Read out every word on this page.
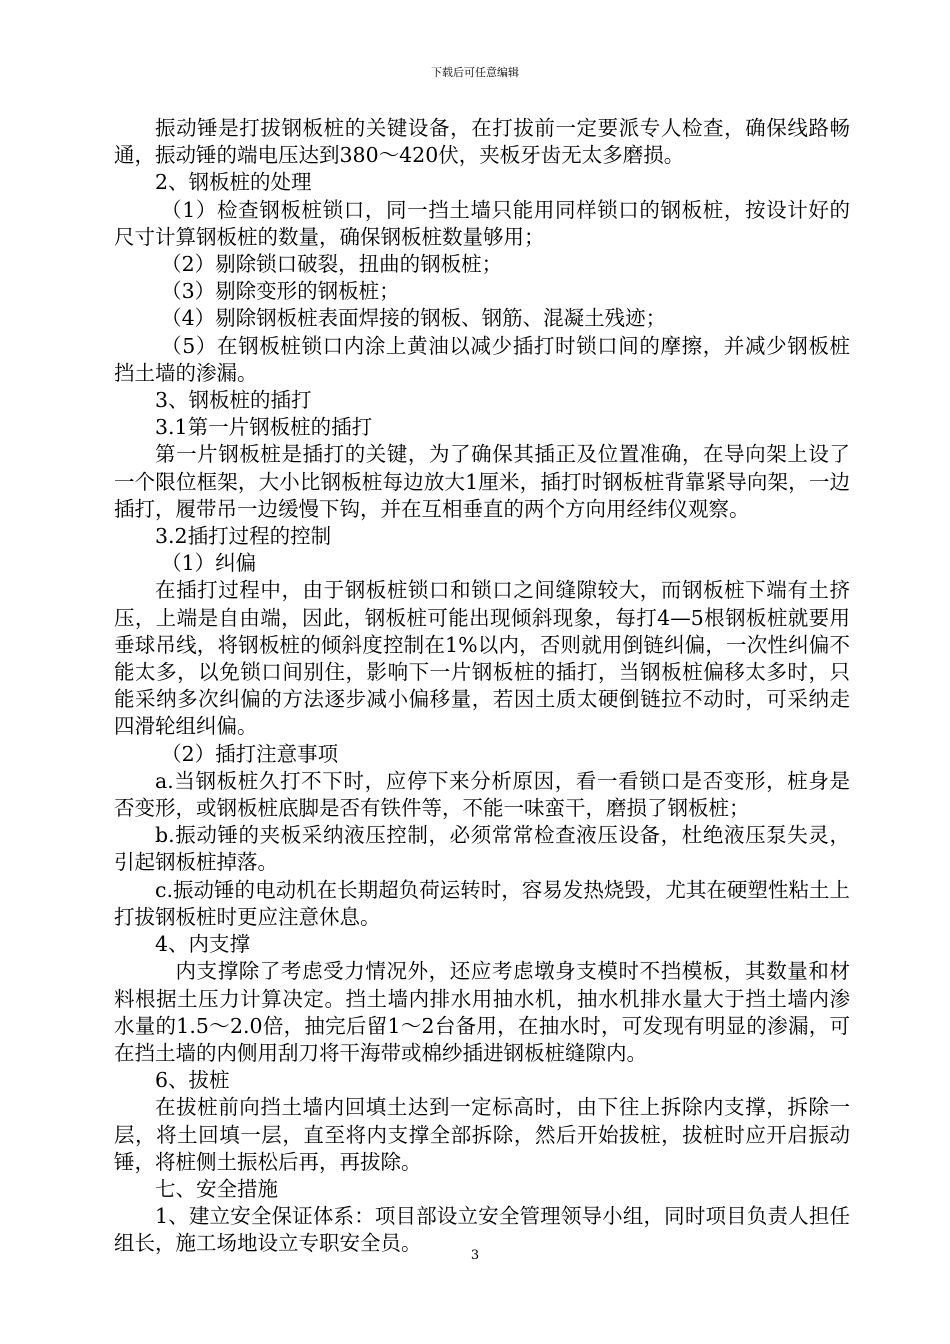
下载后可任意编辑

振动锤是打拔钢板桩的关键设备，在打拔前一定要派专人检查，确保线路畅通，振动锤的端电压达到380～420伏，夹板牙齿无太多磨损。

2、钢板桩的处理

（1）检查钢板桩锁口，同一挡土墙只能用同样锁口的钢板桩，按设计好的尺寸计算钢板桩的数量，确保钢板桩数量够用；

（2）剔除锁口破裂，扭曲的钢板桩；

（3）剔除变形的钢板桩；

（4）剔除钢板桩表面焊接的钢板、钢筋、混凝土残迹；

（5）在钢板桩锁口内涂上黄油以减少插打时锁口间的摩擦，并减少钢板桩挡土墙的渗漏。

3、钢板桩的插打

3.1第一片钢板桩的插打

第一片钢板桩是插打的关键，为了确保其插正及位置准确，在导向架上设了一个限位框架，大小比钢板桩每边放大1厘米，插打时钢板桩背靠紧导向架，一边插打，履带吊一边缓慢下钩，并在互相垂直的两个方向用经纬仪观察。

3.2插打过程的控制

（1）纠偏

在插打过程中，由于钢板桩锁口和锁口之间缝隙较大，而钢板桩下端有土挤压，上端是自由端，因此，钢板桩可能出现倾斜现象，每打4—5根钢板桩就要用垂球吊线，将钢板桩的倾斜度控制在1%以内，否则就用倒链纠偏，一次性纠偏不能太多，以免锁口间别住，影响下一片钢板桩的插打，当钢板桩偏移太多时，只能采纳多次纠偏的方法逐步减小偏移量，若因土质太硬倒链拉不动时，可采纳走四滑轮组纠偏。

（2）插打注意事项

a.当钢板桩久打不下时，应停下来分析原因，看一看锁口是否变形，桩身是否变形，或钢板桩底脚是否有铁件等，不能一味蛮干，磨损了钢板桩；

b.振动锤的夹板采纳液压控制，必须常常检查液压设备，杜绝液压泵失灵，引起钢板桩掉落。

c.振动锤的电动机在长期超负荷运转时，容易发热烧毁，尤其在硬塑性粘土上打拔钢板桩时更应注意休息。

4、内支撑

内支撑除了考虑受力情况外，还应考虑墩身支模时不挡模板，其数量和材料根据土压力计算决定。挡土墙内排水用抽水机，抽水机排水量大于挡土墙内渗水量的1.5～2.0倍，抽完后留1～2台备用，在抽水时，可发现有明显的渗漏，可在挡土墙的内侧用刮刀将干海带或棉纱插进钢板桩缝隙内。

6、拔桩

在拔桩前向挡土墙内回填土达到一定标高时，由下往上拆除内支撑，拆除一层，将土回填一层，直至将内支撑全部拆除，然后开始拔桩，拔桩时应开启振动锤，将桩侧土振松后再，再拔除。

七、安全措施

1、建立安全保证体系：项目部设立安全管理领导小组，同时项目负责人担任组长，施工场地设立专职安全员。

3
